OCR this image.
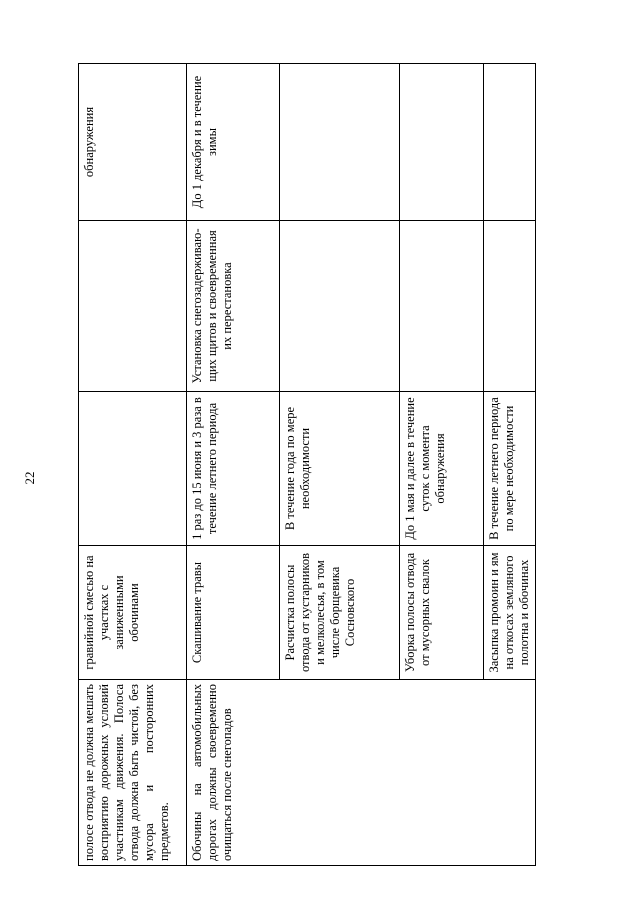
22
полосе отвода не должна мешать восприятию дорожных условий участникам движения. Полоса отвода должна быть чистой, без мусора и посторонних предметов.	гравийной смесью на участках с заниженными обочинами			обнаружения
Обочины на автомобильных дорогах должны своевременно очищаться после снегопадов	Скашивание травы	1 раз до 15 июня и 3 раза в течение летнего периода	Установка снегозадерживаю-щих щитов и своевременная их перестановка	До 1 декабря и в течение зимы
	Расчистка полосы отвода от кустарников и мелколесья, в том числе борщевика Сосновского	В течение года по мере необходимости		
	Уборка полосы отвода от мусорных свалок	До 1 мая и далее в течение суток с момента обнаружения		
	Засыпка промоин и ям на откосах земляного полотна и обочинах	В течение летнего периода по мере необходимости		
